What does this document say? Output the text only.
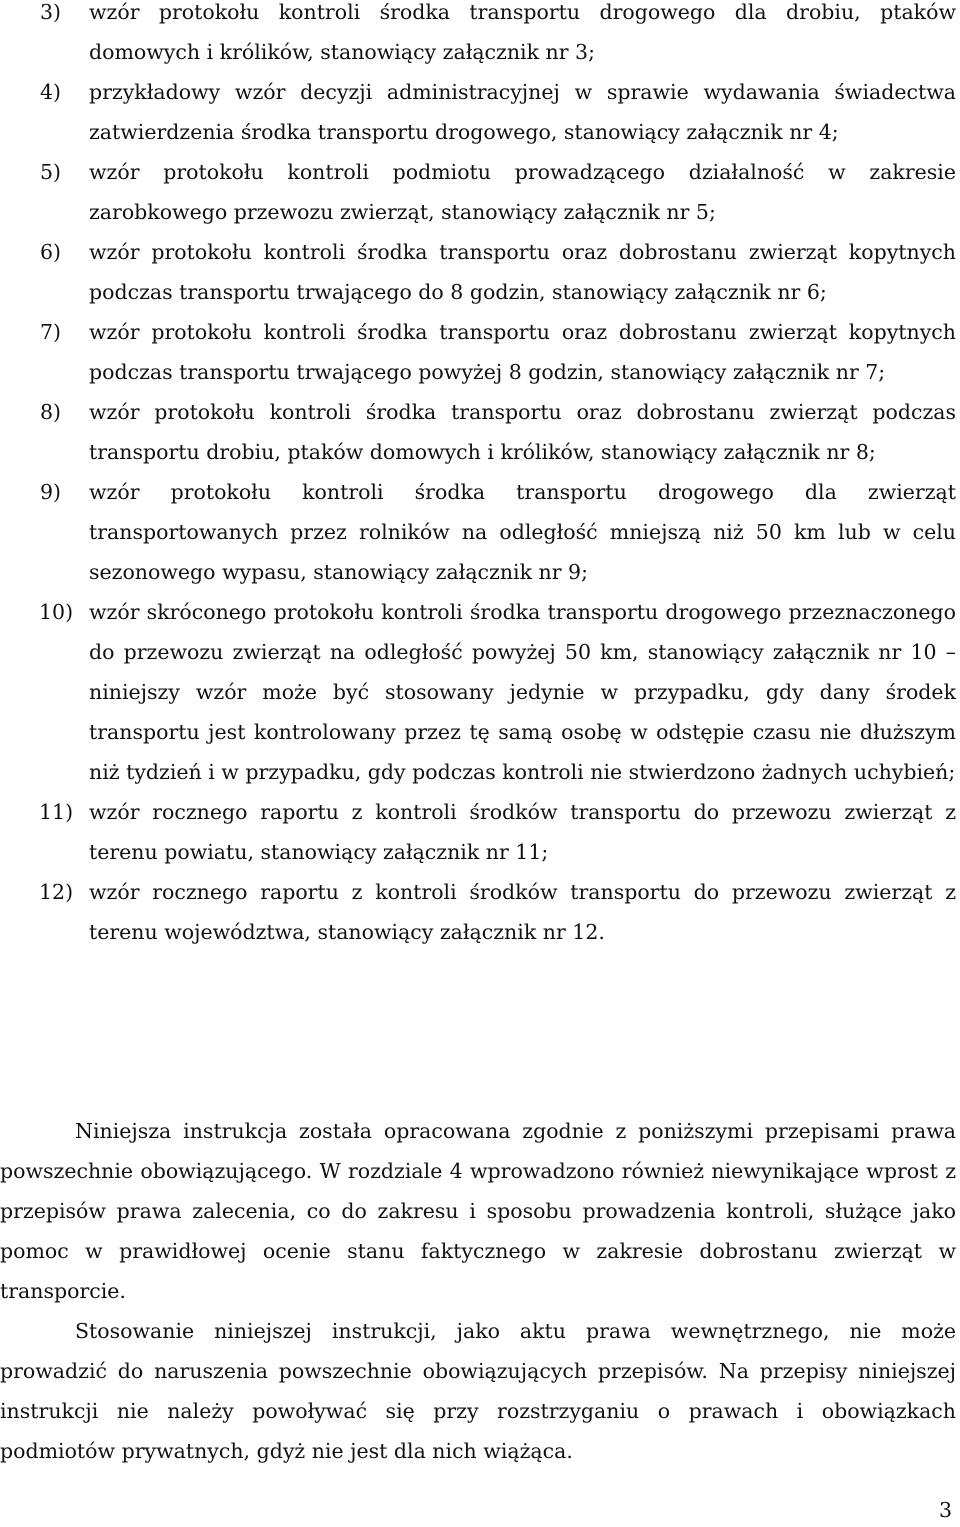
3) wzór protokołu kontroli środka transportu drogowego dla drobiu, ptaków domowych i królików, stanowiący załącznik nr 3;
4) przykładowy wzór decyzji administracyjnej w sprawie wydawania świadectwa zatwierdzenia środka transportu drogowego, stanowiący załącznik nr 4;
5) wzór protokołu kontroli podmiotu prowadzącego działalność w zakresie zarobkowego przewozu zwierząt, stanowiący załącznik nr 5;
6) wzór protokołu kontroli środka transportu oraz dobrostanu zwierząt kopytnych podczas transportu trwającego do 8 godzin, stanowiący załącznik nr 6;
7) wzór protokołu kontroli środka transportu oraz dobrostanu zwierząt kopytnych podczas transportu trwającego powyżej 8 godzin, stanowiący załącznik nr 7;
8) wzór protokołu kontroli środka transportu oraz dobrostanu zwierząt podczas transportu drobiu, ptaków domowych i królików, stanowiący załącznik nr 8;
9) wzór protokołu kontroli środka transportu drogowego dla zwierząt transportowanych przez rolników na odległość mniejszą niż 50 km lub w celu sezonowego wypasu, stanowiący załącznik nr 9;
10) wzór skróconego protokołu kontroli środka transportu drogowego przeznaczonego do przewozu zwierząt na odległość powyżej 50 km, stanowiący załącznik nr 10 – niniejszy wzór może być stosowany jedynie w przypadku, gdy dany środek transportu jest kontrolowany przez tę samą osobę w odstępie czasu nie dłuższym niż tydzień i w przypadku, gdy podczas kontroli nie stwierdzono żadnych uchybień;
11) wzór rocznego raportu z kontroli środków transportu do przewozu zwierząt z terenu powiatu, stanowiący załącznik nr 11;
12) wzór rocznego raportu z kontroli środków transportu do przewozu zwierząt z terenu województwa, stanowiący załącznik nr 12.

Niniejsza instrukcja została opracowana zgodnie z poniższymi przepisami prawa powszechnie obowiązującego. W rozdziale 4 wprowadzono również niewynikające wprost z przepisów prawa zalecenia, co do zakresu i sposobu prowadzenia kontroli, służące jako pomoc w prawidłowej ocenie stanu faktycznego w zakresie dobrostanu zwierząt w transporcie.

Stosowanie niniejszej instrukcji, jako aktu prawa wewnętrznego, nie może prowadzić do naruszenia powszechnie obowiązujących przepisów. Na przepisy niniejszej instrukcji nie należy powoływać się przy rozstrzyganiu o prawach i obowiązkach podmiotów prywatnych, gdyż nie jest dla nich wiążąca.

3
